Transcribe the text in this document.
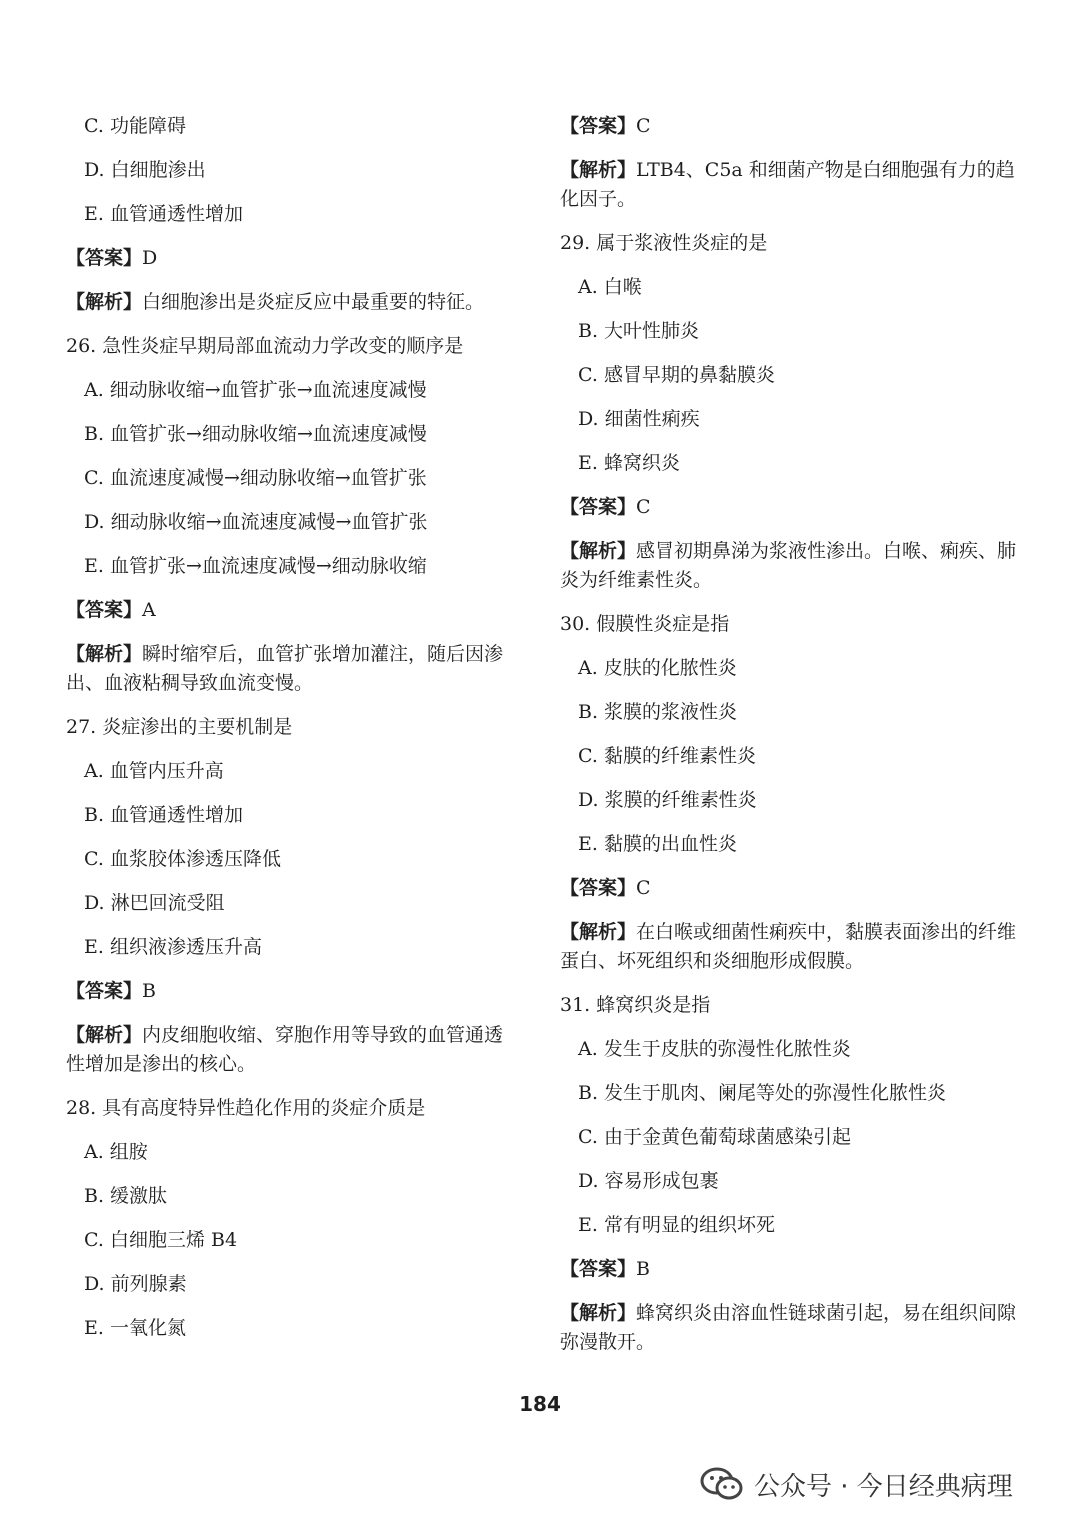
C. 功能障碍
D. 白细胞渗出
E. 血管通透性增加
【答案】D
【解析】白细胞渗出是炎症反应中最重要的特征。
26. 急性炎症早期局部血流动力学改变的顺序是
A. 细动脉收缩→血管扩张→血流速度减慢
B. 血管扩张→细动脉收缩→血流速度减慢
C. 血流速度减慢→细动脉收缩→血管扩张
D. 细动脉收缩→血流速度减慢→血管扩张
E. 血管扩张→血流速度减慢→细动脉收缩
【答案】A
【解析】瞬时缩窄后，血管扩张增加灌注，随后因渗出、血液粘稠导致血流变慢。
27. 炎症渗出的主要机制是
A. 血管内压升高
B. 血管通透性增加
C. 血浆胶体渗透压降低
D. 淋巴回流受阻
E. 组织液渗透压升高
【答案】B
【解析】内皮细胞收缩、穿胞作用等导致的血管通透性增加是渗出的核心。
28. 具有高度特异性趋化作用的炎症介质是
A. 组胺
B. 缓激肽
C. 白细胞三烯 B4
D. 前列腺素
E. 一氧化氮
【答案】C
【解析】LTB4、C5a 和细菌产物是白细胞强有力的趋化因子。
29. 属于浆液性炎症的是
A. 白喉
B. 大叶性肺炎
C. 感冒早期的鼻黏膜炎
D. 细菌性痢疾
E. 蜂窝织炎
【答案】C
【解析】感冒初期鼻涕为浆液性渗出。白喉、痢疾、肺炎为纤维素性炎。
30. 假膜性炎症是指
A. 皮肤的化脓性炎
B. 浆膜的浆液性炎
C. 黏膜的纤维素性炎
D. 浆膜的纤维素性炎
E. 黏膜的出血性炎
【答案】C
【解析】在白喉或细菌性痢疾中，黏膜表面渗出的纤维蛋白、坏死组织和炎细胞形成假膜。
31. 蜂窝织炎是指
A. 发生于皮肤的弥漫性化脓性炎
B. 发生于肌肉、阑尾等处的弥漫性化脓性炎
C. 由于金黄色葡萄球菌感染引起
D. 容易形成包裹
E. 常有明显的组织坏死
【答案】B
【解析】蜂窝织炎由溶血性链球菌引起，易在组织间隙弥漫散开。
184
公众号 · 今日经典病理
